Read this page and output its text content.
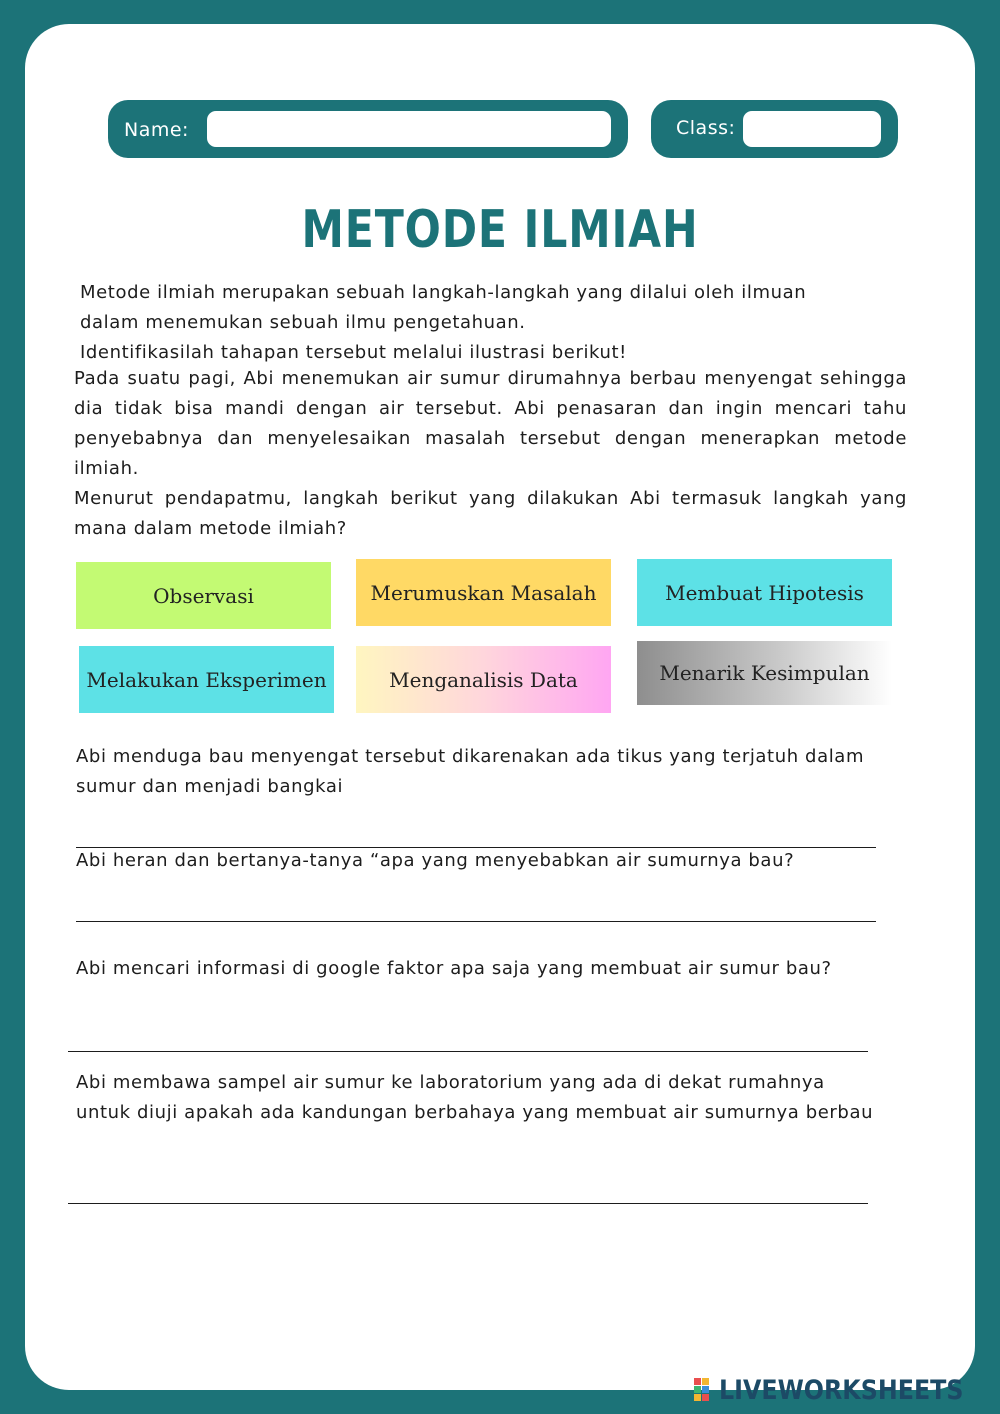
Name:	Class:
METODE ILMIAH
Metode ilmiah merupakan sebuah langkah-langkah yang dilalui oleh ilmuan
dalam menemukan sebuah ilmu pengetahuan.
Identifikasilah tahapan tersebut melalui ilustrasi berikut!
Pada suatu pagi, Abi menemukan air sumur dirumahnya berbau menyengat sehingga dia tidak bisa mandi dengan air tersebut. Abi penasaran dan ingin mencari tahu penyebabnya dan menyelesaikan masalah tersebut dengan menerapkan metode ilmiah.
Menurut pendapatmu, langkah berikut yang dilakukan Abi termasuk langkah yang mana dalam metode ilmiah?
Observasi	Merumuskan Masalah	Membuat Hipotesis
Melakukan Eksperimen	Menganalisis Data	Menarik Kesimpulan
Abi menduga bau menyengat tersebut dikarenakan ada tikus yang terjatuh dalam sumur dan menjadi bangkai
Abi heran dan bertanya-tanya “apa yang menyebabkan air sumurnya bau?
Abi mencari informasi di google faktor apa saja yang membuat air sumur bau?
Abi membawa sampel air sumur ke laboratorium yang ada di dekat rumahnya untuk diuji apakah ada kandungan berbahaya yang membuat air sumurnya berbau
LIVEWORKSHEETS
